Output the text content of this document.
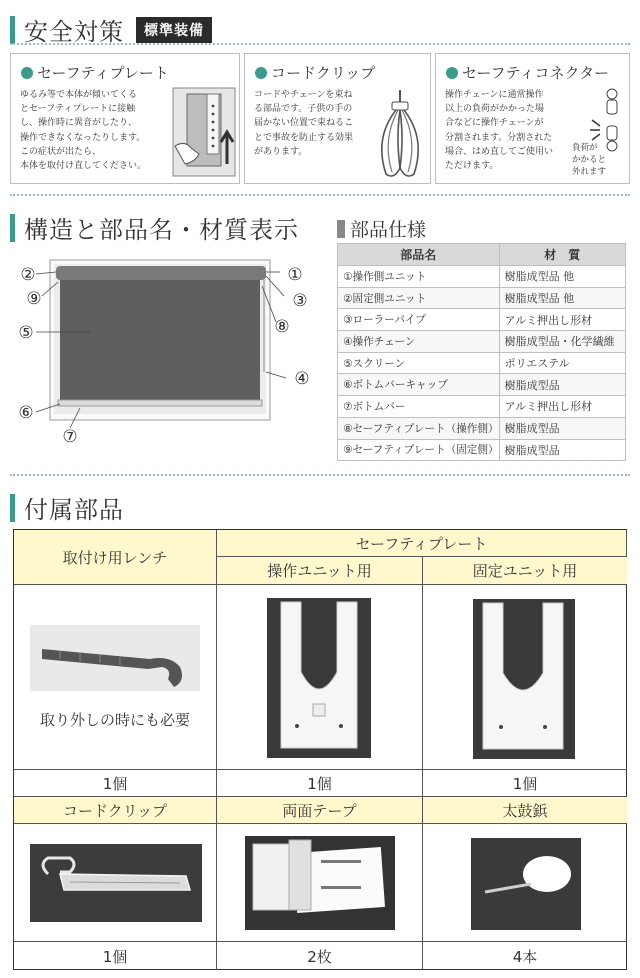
安全対策	標準装備
セーフティプレート
ゆるみ等で本体が傾いてくる
とセーフティプレートに接触
し、操作時に異音がしたり、
操作できなくなったりします。
この症状が出たら、
本体を取付け直してください。
コードクリップ
コードやチェーンを束ね
る部品です。子供の手の
届かない位置で束ねるこ
とで事故を防止する効果
があります。
セーフティコネクター
操作チェーンに通常操作
以上の負荷がかかった場
合などに操作チェーンが
分割されます。分割された
場合、はめ直してご使用い
ただけます。
負荷が
かかると
外れます
構造と部品名・材質表示
①
②
③
④
⑤
⑥
⑦
⑧
⑨
部品仕様
部品名	材　質
①操作側ユニット	樹脂成型品 他
②固定側ユニット	樹脂成型品 他
③ローラーパイプ	アルミ押出し形材
④操作チェーン	樹脂成型品・化学繊維
⑤スクリーン	ポリエステル
⑥ボトムバーキャップ	樹脂成型品
⑦ボトムバー	アルミ押出し形材
⑧セーフティプレート（操作側）	樹脂成型品
⑨セーフティプレート（固定側）	樹脂成型品
付属部品
取付け用レンチ
セーフティプレート
操作ユニット用	固定ユニット用
取り外しの時にも必要
1個	1個	1個
コードクリップ	両面テープ	太鼓鋲
1個	2枚	4本
